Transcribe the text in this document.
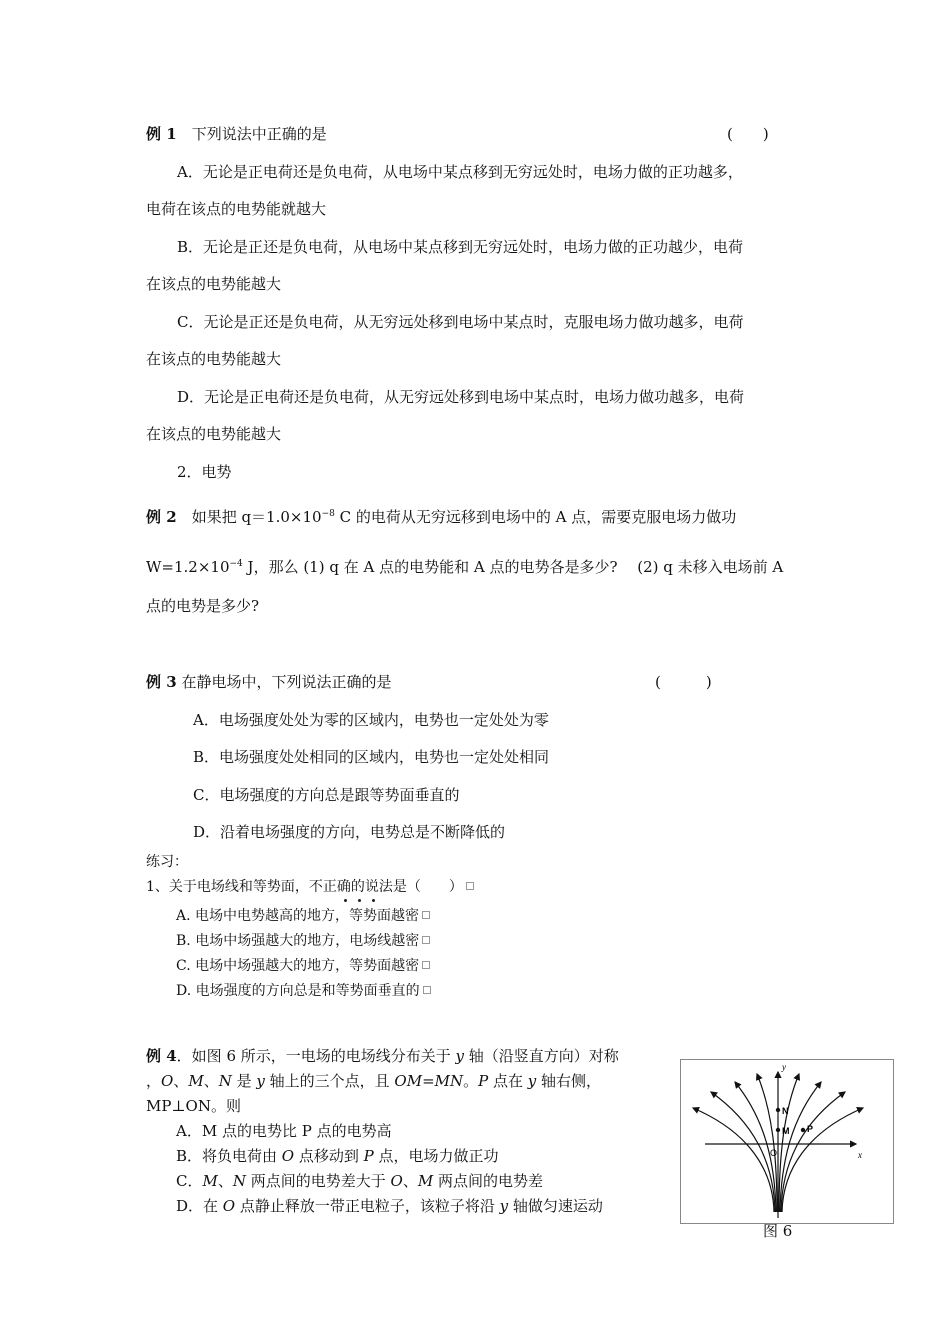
例 1　 下列说法中正确的是	(　　)
A．无论是正电荷还是负电荷，从电场中某点移到无穷远处时，电场力做的正功越多，
电荷在该点的电势能就越大
B．无论是正还是负电荷，从电场中某点移到无穷远处时，电场力做的正功越少，电荷
在该点的电势能越大
C．无论是正还是负电荷，从无穷远处移到电场中某点时，克服电场力做功越多，电荷
在该点的电势能越大
D．无论是正电荷还是负电荷，从无穷远处移到电场中某点时，电场力做功越多，电荷
在该点的电势能越大
2．电势
例 2　 如果把 $q=1.0\times 10^{-8}$ C 的电荷从无穷远移到电场中的 A 点，需要克服电场力做功
$W=1.2\times 10^{-4}$ J，那么 (1) q 在 A 点的电势能和 A 点的电势各是多少?　 (2) q 未移入电场前 A
点的电势是多少?
例 3 在静电场中，下列说法正确的是	(　　　)
A．电场强度处处为零的区域内，电势也一定处处为零
B．电场强度处处相同的区域内，电势也一定处处相同
C．电场强度的方向总是跟等势面垂直的
D．沿着电场强度的方向，电势总是不断降低的
练习：
1、关于电场线和等势面，不正确的说法是（　　）
A. 电场中电势越高的地方，等势面越密
B. 电场中场强越大的地方，电场线越密
C. 电场中场强越大的地方，等势面越密
D. 电场强度的方向总是和等势面垂直的
例 4．如图 6 所示，一电场的电场线分布关于 y 轴（沿竖直方向）对称
，O、M、N 是 y 轴上的三个点，且 OM=MN。P 点在 y 轴右侧，
MP⊥ON。则
A．M 点的电势比 P 点的电势高
B．将负电荷由 O 点移动到 P 点，电场力做正功
C．M、N 两点间的电势差大于 O、M 两点间的电势差
D．在 O 点静止释放一带正电粒子，该粒子将沿 y 轴做匀速运动
y
x
N
M P
O
图 6
